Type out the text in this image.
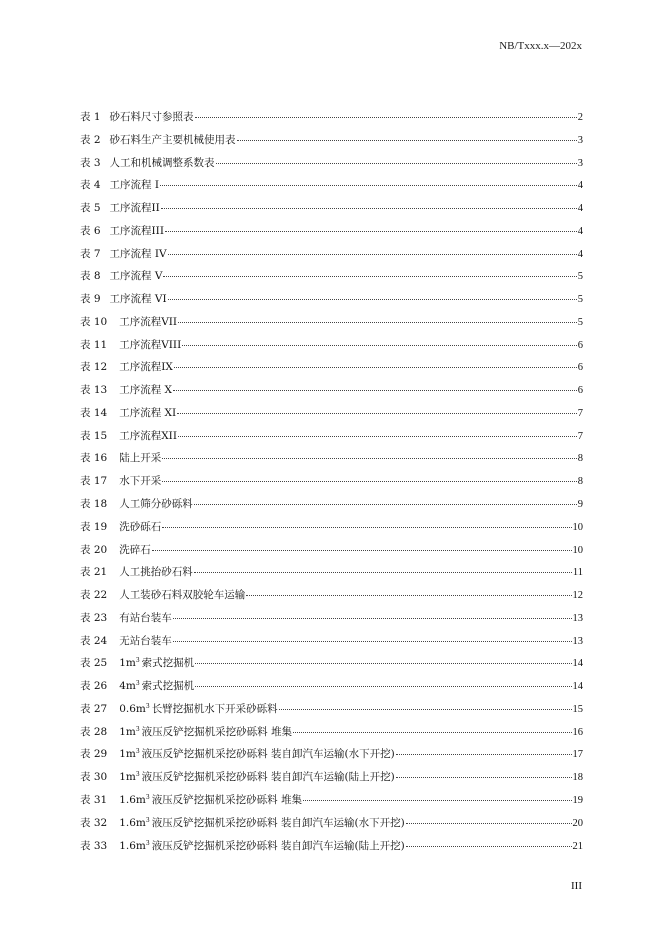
NB/Txxx.x—202x
表 1 砂石料尺寸参照表	2
表 2 砂石料生产主要机械使用表	3
表 3 人工和机械调整系数表	3
表 4 工序流程 I	4
表 5 工序流程II	4
表 6 工序流程III	4
表 7 工序流程 IV	4
表 8 工序流程 V	5
表 9 工序流程 VI	5
表 10	工序流程VII	5
表 11	工序流程VIII	6
表 12	工序流程IX	6
表 13	工序流程 X	6
表 14	工序流程 XI	7
表 15	工序流程XII	7
表 16	陆上开采	8
表 17	水下开采	8
表 18	人工筛分砂砾料	9
表 19	洗砂砾石	10
表 20	洗碎石	10
表 21	人工挑抬砂石料	11
表 22	人工装砂石料双胶轮车运输	12
表 23	有站台装车	13
表 24	无站台装车	13
表 25	$1m^3$ 索式挖掘机	14
表 26	$4m^3$ 索式挖掘机	14
表 27	$0.6m^3$ 长臂挖掘机水下开采砂砾料	15
表 28	$1m^3$ 液压反铲挖掘机采挖砂砾料 堆集	16
表 29	$1m^3$ 液压反铲挖掘机采挖砂砾料 装自卸汽车运输(水下开挖)	17
表 30	$1m^3$ 液压反铲挖掘机采挖砂砾料 装自卸汽车运输(陆上开挖)	18
表 31	$1.6m^3$ 液压反铲挖掘机采挖砂砾料 堆集	19
表 32	$1.6m^3$ 液压反铲挖掘机采挖砂砾料 装自卸汽车运输(水下开挖)	20
表 33	$1.6m^3$ 液压反铲挖掘机采挖砂砾料 装自卸汽车运输(陆上开挖)	21
III
